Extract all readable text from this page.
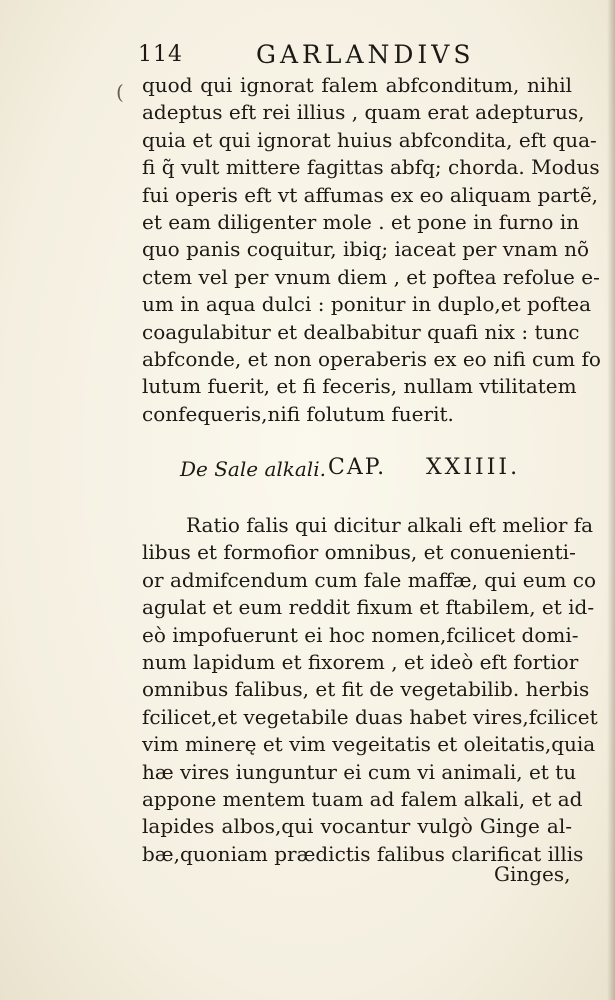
114	GARLANDIVS
( quod qui ignorat falem abfconditum, nihil
adeptus eft rei illius , quam erat adepturus,
quia et qui ignorat huius abfcondita, eft qua-
fi q̃ vult mittere fagittas abfq; chorda. Modus
fui operis eft vt affumas ex eo aliquam partẽ,
et eam diligenter mole . et pone in furno in
quo panis coquitur, ibiq; iaceat per vnam nõ
ctem vel per vnum diem , et poftea refolue e-
um in aqua dulci : ponitur in duplo,et poftea
coagulabitur et dealbabitur quafi nix : tunc
abfconde, et non operaberis ex eo nifi cum fo
lutum fuerit, et fi feceris, nullam vtilitatem
confequeris,nifi folutum fuerit.
De Sale alkali. CAP. XXIIII.
Ratio falis qui dicitur alkali eft melior fa
libus et formofior omnibus, et conuenienti-
or admifcendum cum fale maffæ, qui eum co
agulat et eum reddit fixum et ftabilem, et id-
eò impofuerunt ei hoc nomen,fcilicet domi-
num lapidum et fixorem , et ideò eft fortior
omnibus falibus, et fit de vegetabilib. herbis
fcilicet,et vegetabile duas habet vires,fcilicet
vim minerę et vim vegeitatis et oleitatis,quia
hæ vires iunguntur ei cum vi animali, et tu
appone mentem tuam ad falem alkali, et ad
lapides albos,qui vocantur vulgò Ginge al-
bæ,quoniam prædictis falibus clarificat illis
Ginges,
